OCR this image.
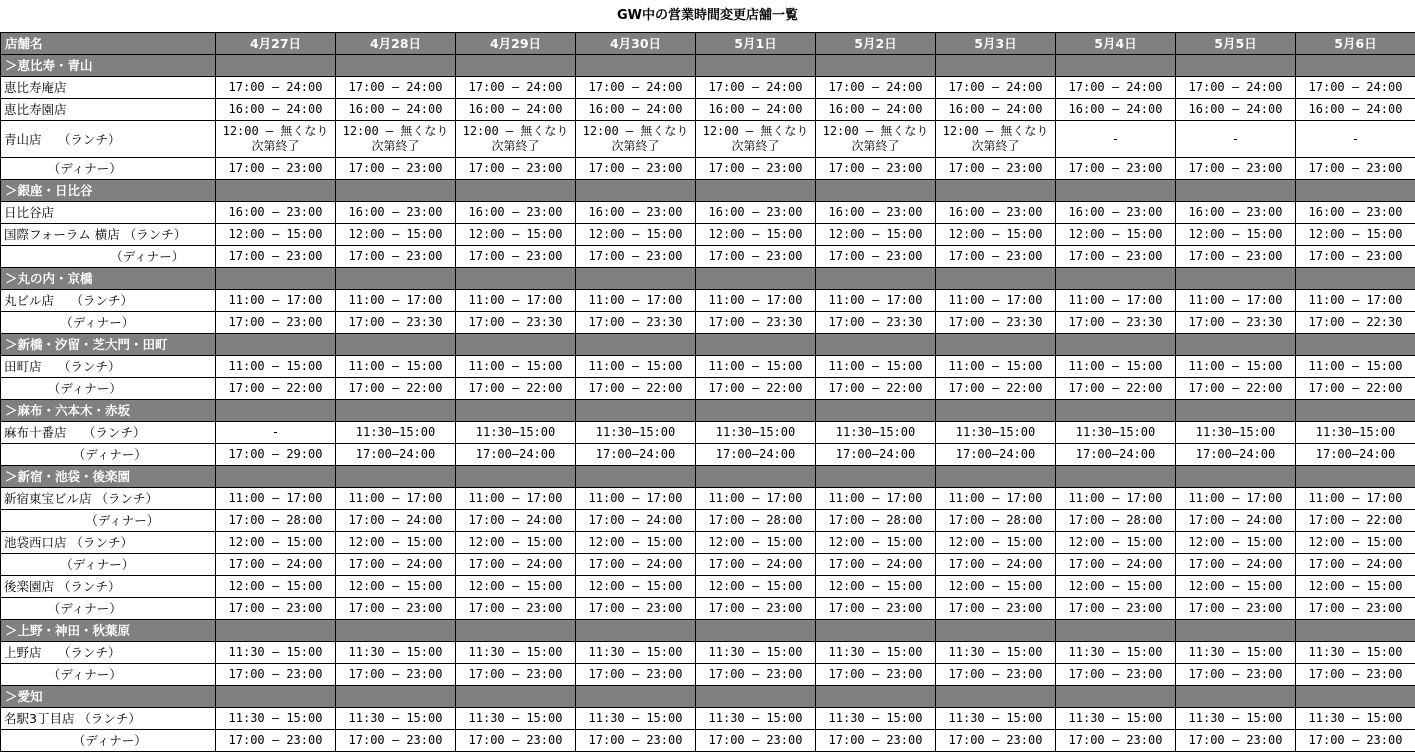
GW中の営業時間変更店舗一覧
店舗名	4月27日	4月28日	4月29日	4月30日	5月1日	5月2日	5月3日	5月4日	5月5日	5月6日
＞恵比寿・青山										
恵比寿庵店	17:00 – 24:00	17:00 – 24:00	17:00 – 24:00	17:00 – 24:00	17:00 – 24:00	17:00 – 24:00	17:00 – 24:00	17:00 – 24:00	17:00 – 24:00	17:00 – 24:00
恵比寿園店	16:00 – 24:00	16:00 – 24:00	16:00 – 24:00	16:00 – 24:00	16:00 – 24:00	16:00 – 24:00	16:00 – 24:00	16:00 – 24:00	16:00 – 24:00	16:00 – 24:00
青山店　 （ランチ）	12:00 – 無くなり 次第終了	12:00 – 無くなり 次第終了	12:00 – 無くなり 次第終了	12:00 – 無くなり 次第終了	12:00 – 無くなり 次第終了	12:00 – 無くなり 次第終了	12:00 – 無くなり 次第終了	-	-	-
　　　　（ディナー）	17:00 – 23:00	17:00 – 23:00	17:00 – 23:00	17:00 – 23:00	17:00 – 23:00	17:00 – 23:00	17:00 – 23:00	17:00 – 23:00	17:00 – 23:00	17:00 – 23:00
＞銀座・日比谷										
日比谷店	16:00 – 23:00	16:00 – 23:00	16:00 – 23:00	16:00 – 23:00	16:00 – 23:00	16:00 – 23:00	16:00 – 23:00	16:00 – 23:00	16:00 – 23:00	16:00 – 23:00
国際フォーラム 横店 （ランチ）	12:00 – 15:00	12:00 – 15:00	12:00 – 15:00	12:00 – 15:00	12:00 – 15:00	12:00 – 15:00	12:00 – 15:00	12:00 – 15:00	12:00 – 15:00	12:00 – 15:00
　　　　　　　　　（ディナー）	17:00 – 23:00	17:00 – 23:00	17:00 – 23:00	17:00 – 23:00	17:00 – 23:00	17:00 – 23:00	17:00 – 23:00	17:00 – 23:00	17:00 – 23:00	17:00 – 23:00
＞丸の内・京橋										
丸ビル店　 （ランチ）	11:00 – 17:00	11:00 – 17:00	11:00 – 17:00	11:00 – 17:00	11:00 – 17:00	11:00 – 17:00	11:00 – 17:00	11:00 – 17:00	11:00 – 17:00	11:00 – 17:00
　　　　　（ディナー）	17:00 – 23:00	17:00 – 23:30	17:00 – 23:30	17:00 – 23:30	17:00 – 23:30	17:00 – 23:30	17:00 – 23:30	17:00 – 23:30	17:00 – 23:30	17:00 – 22:30
＞新橋・汐留・芝大門・田町										
田町店　 （ランチ）	11:00 – 15:00	11:00 – 15:00	11:00 – 15:00	11:00 – 15:00	11:00 – 15:00	11:00 – 15:00	11:00 – 15:00	11:00 – 15:00	11:00 – 15:00	11:00 – 15:00
　　　　（ディナー）	17:00 – 22:00	17:00 – 22:00	17:00 – 22:00	17:00 – 22:00	17:00 – 22:00	17:00 – 22:00	17:00 – 22:00	17:00 – 22:00	17:00 – 22:00	17:00 – 22:00
＞麻布・六本木・赤坂										
麻布十番店　 （ランチ）	-	11:30–15:00	11:30–15:00	11:30–15:00	11:30–15:00	11:30–15:00	11:30–15:00	11:30–15:00	11:30–15:00	11:30–15:00
　　　　　　（ディナー）	17:00 – 29:00	17:00–24:00	17:00–24:00	17:00–24:00	17:00–24:00	17:00–24:00	17:00–24:00	17:00–24:00	17:00–24:00	17:00–24:00
＞新宿・池袋・後楽園										
新宿東宝ビル店 （ランチ）	11:00 – 17:00	11:00 – 17:00	11:00 – 17:00	11:00 – 17:00	11:00 – 17:00	11:00 – 17:00	11:00 – 17:00	11:00 – 17:00	11:00 – 17:00	11:00 – 17:00
　　　　　　　（ディナー）	17:00 – 28:00	17:00 – 24:00	17:00 – 24:00	17:00 – 24:00	17:00 – 28:00	17:00 – 28:00	17:00 – 28:00	17:00 – 28:00	17:00 – 24:00	17:00 – 22:00
池袋西口店 （ランチ）	12:00 – 15:00	12:00 – 15:00	12:00 – 15:00	12:00 – 15:00	12:00 – 15:00	12:00 – 15:00	12:00 – 15:00	12:00 – 15:00	12:00 – 15:00	12:00 – 15:00
　　　　　（ディナー）	17:00 – 24:00	17:00 – 24:00	17:00 – 24:00	17:00 – 24:00	17:00 – 24:00	17:00 – 24:00	17:00 – 24:00	17:00 – 24:00	17:00 – 24:00	17:00 – 24:00
後楽園店 （ランチ）	12:00 – 15:00	12:00 – 15:00	12:00 – 15:00	12:00 – 15:00	12:00 – 15:00	12:00 – 15:00	12:00 – 15:00	12:00 – 15:00	12:00 – 15:00	12:00 – 15:00
　　　　（ディナー）	17:00 – 23:00	17:00 – 23:00	17:00 – 23:00	17:00 – 23:00	17:00 – 23:00	17:00 – 23:00	17:00 – 23:00	17:00 – 23:00	17:00 – 23:00	17:00 – 23:00
＞上野・神田・秋葉原										
上野店　 （ランチ）	11:30 – 15:00	11:30 – 15:00	11:30 – 15:00	11:30 – 15:00	11:30 – 15:00	11:30 – 15:00	11:30 – 15:00	11:30 – 15:00	11:30 – 15:00	11:30 – 15:00
　　　　（ディナー）	17:00 – 23:00	17:00 – 23:00	17:00 – 23:00	17:00 – 23:00	17:00 – 23:00	17:00 – 23:00	17:00 – 23:00	17:00 – 23:00	17:00 – 23:00	17:00 – 23:00
＞愛知										
名駅3丁目店 （ランチ）	11:30 – 15:00	11:30 – 15:00	11:30 – 15:00	11:30 – 15:00	11:30 – 15:00	11:30 – 15:00	11:30 – 15:00	11:30 – 15:00	11:30 – 15:00	11:30 – 15:00
　　　　　　（ディナー）	17:00 – 23:00	17:00 – 23:00	17:00 – 23:00	17:00 – 23:00	17:00 – 23:00	17:00 – 23:00	17:00 – 23:00	17:00 – 23:00	17:00 – 23:00	17:00 – 23:00
